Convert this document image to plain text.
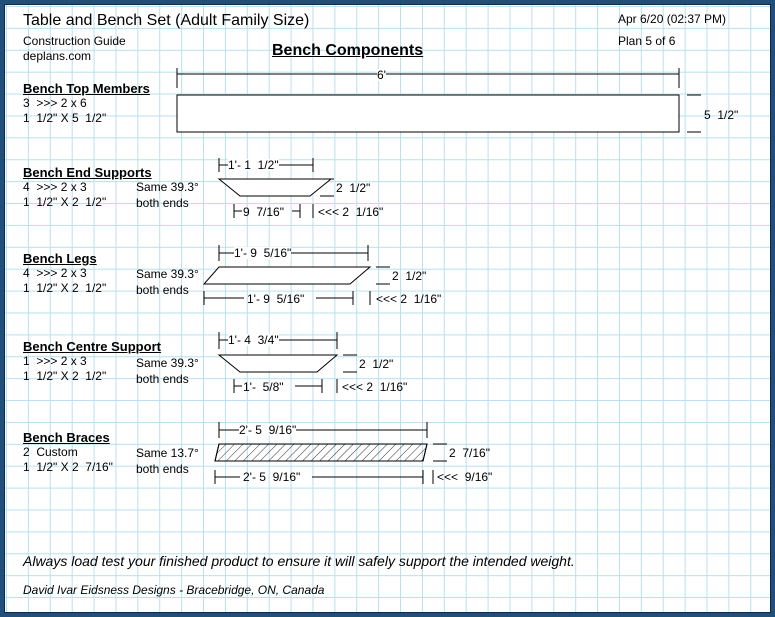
Table and Bench Set (Adult Family Size)
Construction Guide
deplans.com
Apr 6/20 (02:37 PM)
Plan 5 of 6
Bench Components
Bench Top Members
3  >>> 2 x 6
1  1/2" X 5  1/2"
6'
5  1/2"
Bench End Supports
4  >>> 2 x 3
1  1/2" X 2  1/2"
Same 39.3°
both ends
1'- 1  1/2"
2  1/2"
9  7/16"	<<< 2  1/16"
Bench Legs
4  >>> 2 x 3
1  1/2" X 2  1/2"
Same 39.3°
both ends
1'- 9  5/16"
2  1/2"
1'- 9  5/16"	<<< 2  1/16"
Bench Centre Support
1  >>> 2 x 3
1  1/2" X 2  1/2"
Same 39.3°
both ends
1'- 4  3/4"
2  1/2"
1'-  5/8"	<<< 2  1/16"
Bench Braces
2  Custom
1  1/2" X 2  7/16"
Same 13.7°
both ends
2'- 5  9/16"
2  7/16"
2'- 5  9/16"	<<<  9/16"
Always load test your finished product to ensure it will safely support the intended weight.
David Ivar Eidsness Designs - Bracebridge, ON, Canada
